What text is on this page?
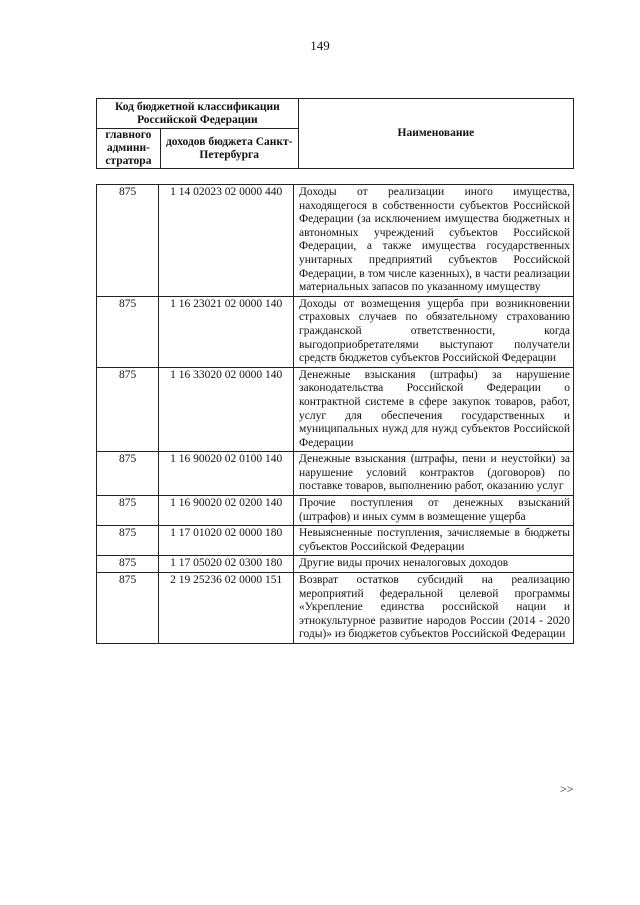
149
Код бюджетной классификации Российской Федерации		Наименование
главного админи-стратора	доходов бюджета Санкт-Петербурга	
875	1 14 02023 02 0000 440	Доходы от реализации иного имущества, находящегося в собственности субъектов Российской Федерации (за исключением имущества бюджетных и автономных учреждений субъектов Российской Федерации, а также имущества государственных унитарных предприятий субъектов Российской Федерации, в том числе казенных), в части реализации материальных запасов по указанному имуществу
875	1 16 23021 02 0000 140	Доходы от возмещения ущерба при возникновении страховых случаев по обязательному страхованию гражданской ответственности, когда выгодоприобретателями выступают получатели средств бюджетов субъектов Российской Федерации
875	1 16 33020 02 0000 140	Денежные взыскания (штрафы) за нарушение законодательства Российской Федерации о контрактной системе в сфере закупок товаров, работ, услуг для обеспечения государственных и муниципальных нужд для нужд субъектов Российской Федерации
875	1 16 90020 02 0100 140	Денежные взыскания (штрафы, пени и неустойки) за нарушение условий контрактов (договоров) по поставке товаров, выполнению работ, оказанию услуг
875	1 16 90020 02 0200 140	Прочие поступления от денежных взысканий (штрафов) и иных сумм в возмещение ущерба
875	1 17 01020 02 0000 180	Невыясненные поступления, зачисляемые в бюджеты субъектов Российской Федерации
875	1 17 05020 02 0300 180	Другие виды прочих неналоговых доходов
875	2 19 25236 02 0000 151	Возврат остатков субсидий на реализацию мероприятий федеральной целевой программы «Укрепление единства российской нации и этнокультурное развитие народов России (2014 - 2020 годы)» из бюджетов субъектов Российской Федерации
>>
